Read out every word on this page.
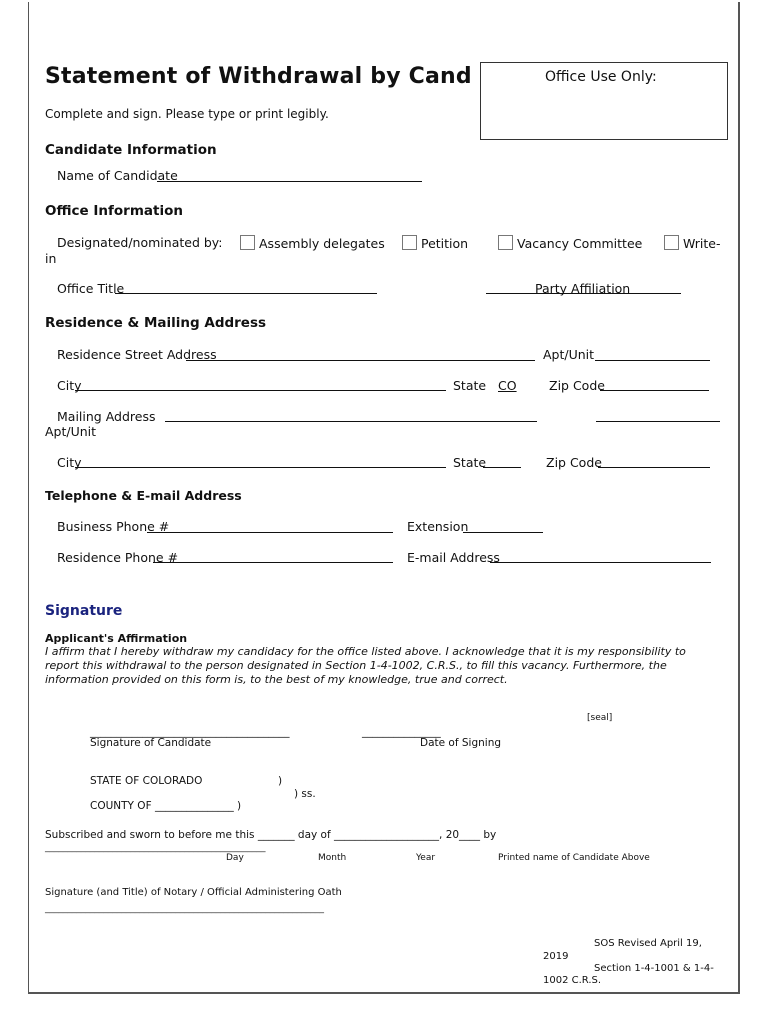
Statement of Withdrawal by Cand	Office Use Only:
Complete and sign. Please type or print legibly.
Candidate Information
Name of Candidate
Office Information
Designated/nominated by:	Assembly delegates	Petition	Vacancy Committee	Write-
in
Office Title	Party Affiliation
Residence & Mailing Address
Residence Street Address	Apt/Unit
City	State CO	Zip Code
Mailing Address
Apt/Unit
City	State	Zip Code
Telephone & E-mail Address
Business Phone #	Extension
Residence Phone #	E-mail Address
Signature
Applicant's Affirmation
I affirm that I hereby withdraw my candidacy for the office listed above. I acknowledge that it is my responsibility to report this withdrawal to the person designated in Section 1-4-1002, C.R.S., to fill this vacancy. Furthermore, the information provided on this form is, to the best of my knowledge, true and correct.
[seal]
______________________________________	_______________
Signature of Candidate	Date of Signing
STATE OF COLORADO	)
) ss.
COUNTY OF _______________ )
Subscribed and sworn to before me this _______ day of ____________________, 20____ by
_________________________________________________
Day	Month	Year	Printed name of Candidate Above
Signature (and Title) of Notary / Official Administering Oath
______________________________________________________________
SOS Revised April 19,
2019
Section 1-4-1001 & 1-4-
1002 C.R.S.
